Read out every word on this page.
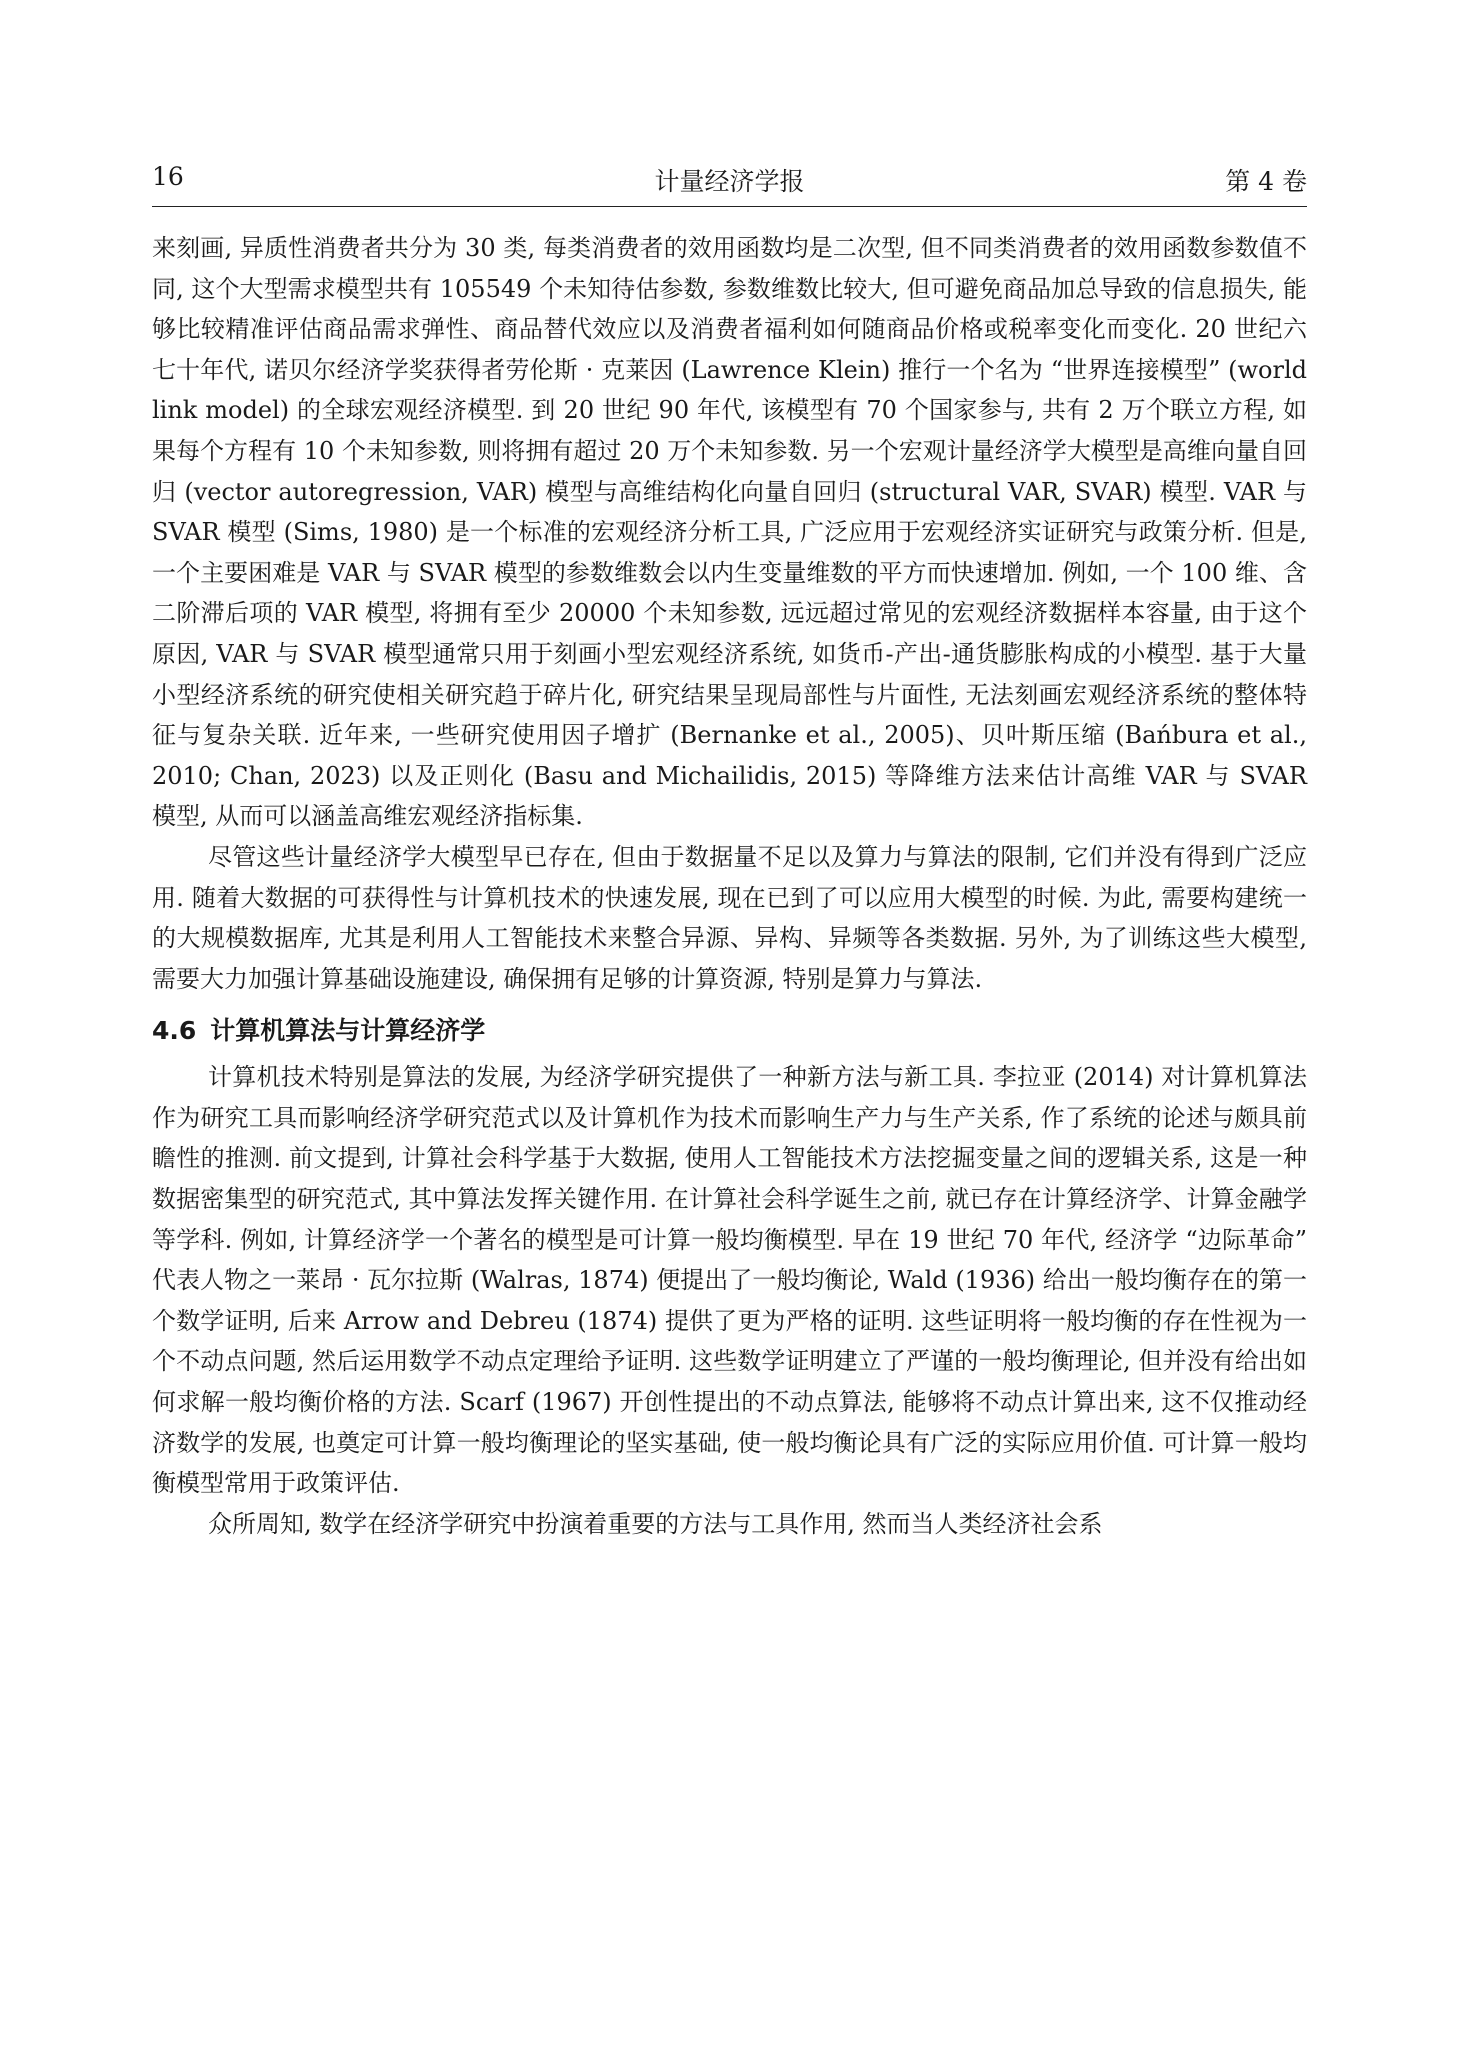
16	计量经济学报	第 4 卷

来刻画, 异质性消费者共分为 30 类, 每类消费者的效用函数均是二次型, 但不同类消费者的效用函数参数值不同, 这个大型需求模型共有 105549 个未知待估参数, 参数维数比较大, 但可避免商品加总导致的信息损失, 能够比较精准评估商品需求弹性、商品替代效应以及消费者福利如何随商品价格或税率变化而变化. 20 世纪六七十年代, 诺贝尔经济学奖获得者劳伦斯 · 克莱因 (Lawrence Klein) 推行一个名为 “世界连接模型” (world link model) 的全球宏观经济模型. 到 20 世纪 90 年代, 该模型有 70 个国家参与, 共有 2 万个联立方程, 如果每个方程有 10 个未知参数, 则将拥有超过 20 万个未知参数. 另一个宏观计量经济学大模型是高维向量自回归 (vector autoregression, VAR) 模型与高维结构化向量自回归 (structural VAR, SVAR) 模型. VAR 与 SVAR 模型 (Sims, 1980) 是一个标准的宏观经济分析工具, 广泛应用于宏观经济实证研究与政策分析. 但是, 一个主要困难是 VAR 与 SVAR 模型的参数维数会以内生变量维数的平方而快速增加. 例如, 一个 100 维、含二阶滞后项的 VAR 模型, 将拥有至少 20000 个未知参数, 远远超过常见的宏观经济数据样本容量, 由于这个原因, VAR 与 SVAR 模型通常只用于刻画小型宏观经济系统, 如货币-产出-通货膨胀构成的小模型. 基于大量小型经济系统的研究使相关研究趋于碎片化, 研究结果呈现局部性与片面性, 无法刻画宏观经济系统的整体特征与复杂关联. 近年来, 一些研究使用因子增扩 (Bernanke et al., 2005)、贝叶斯压缩 (Bańbura et al., 2010; Chan, 2023) 以及正则化 (Basu and Michailidis, 2015) 等降维方法来估计高维 VAR 与 SVAR 模型, 从而可以涵盖高维宏观经济指标集.

尽管这些计量经济学大模型早已存在, 但由于数据量不足以及算力与算法的限制, 它们并没有得到广泛应用. 随着大数据的可获得性与计算机技术的快速发展, 现在已到了可以应用大模型的时候. 为此, 需要构建统一的大规模数据库, 尤其是利用人工智能技术来整合异源、异构、异频等各类数据. 另外, 为了训练这些大模型, 需要大力加强计算基础设施建设, 确保拥有足够的计算资源, 特别是算力与算法.

4.6 计算机算法与计算经济学

计算机技术特别是算法的发展, 为经济学研究提供了一种新方法与新工具. 李拉亚 (2014) 对计算机算法作为研究工具而影响经济学研究范式以及计算机作为技术而影响生产力与生产关系, 作了系统的论述与颇具前瞻性的推测. 前文提到, 计算社会科学基于大数据, 使用人工智能技术方法挖掘变量之间的逻辑关系, 这是一种数据密集型的研究范式, 其中算法发挥关键作用. 在计算社会科学诞生之前, 就已存在计算经济学、计算金融学等学科. 例如, 计算经济学一个著名的模型是可计算一般均衡模型. 早在 19 世纪 70 年代, 经济学 “边际革命” 代表人物之一莱昂 · 瓦尔拉斯 (Walras, 1874) 便提出了一般均衡论, Wald (1936) 给出一般均衡存在的第一个数学证明, 后来 Arrow and Debreu (1874) 提供了更为严格的证明. 这些证明将一般均衡的存在性视为一个不动点问题, 然后运用数学不动点定理给予证明. 这些数学证明建立了严谨的一般均衡理论, 但并没有给出如何求解一般均衡价格的方法. Scarf (1967) 开创性提出的不动点算法, 能够将不动点计算出来, 这不仅推动经济数学的发展, 也奠定可计算一般均衡理论的坚实基础, 使一般均衡论具有广泛的实际应用价值. 可计算一般均衡模型常用于政策评估.

众所周知, 数学在经济学研究中扮演着重要的方法与工具作用, 然而当人类经济社会系
